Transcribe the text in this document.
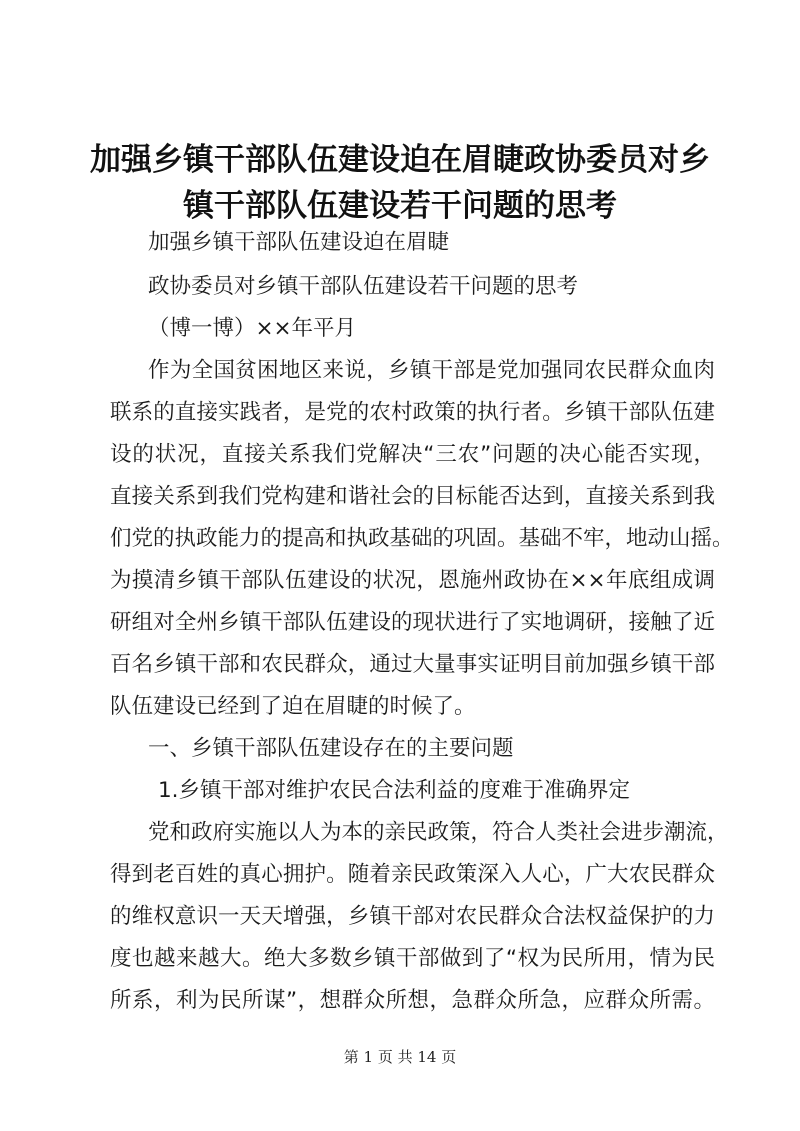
加强乡镇干部队伍建设迫在眉睫政协委员对乡
镇干部队伍建设若干问题的思考

加强乡镇干部队伍建设迫在眉睫

政协委员对乡镇干部队伍建设若干问题的思考

（博一博）××年平月

作为全国贫困地区来说，乡镇干部是党加强同农民群众血肉

联系的直接实践者，是党的农村政策的执行者。乡镇干部队伍建

设的状况，直接关系我们党解决“三农”问题的决心能否实现，

直接关系到我们党构建和谐社会的目标能否达到，直接关系到我

们党的执政能力的提高和执政基础的巩固。基础不牢，地动山摇。

为摸清乡镇干部队伍建设的状况，恩施州政协在××年底组成调

研组对全州乡镇干部队伍建设的现状进行了实地调研，接触了近

百名乡镇干部和农民群众，通过大量事实证明目前加强乡镇干部

队伍建设已经到了迫在眉睫的时候了。

一、乡镇干部队伍建设存在的主要问题

1.乡镇干部对维护农民合法利益的度难于准确界定

党和政府实施以人为本的亲民政策，符合人类社会进步潮流，

得到老百姓的真心拥护。随着亲民政策深入人心，广大农民群众

的维权意识一天天增强，乡镇干部对农民群众合法权益保护的力

度也越来越大。绝大多数乡镇干部做到了“权为民所用，情为民

所系，利为民所谋”，想群众所想，急群众所急，应群众所需。

第 1 页 共 14 页
